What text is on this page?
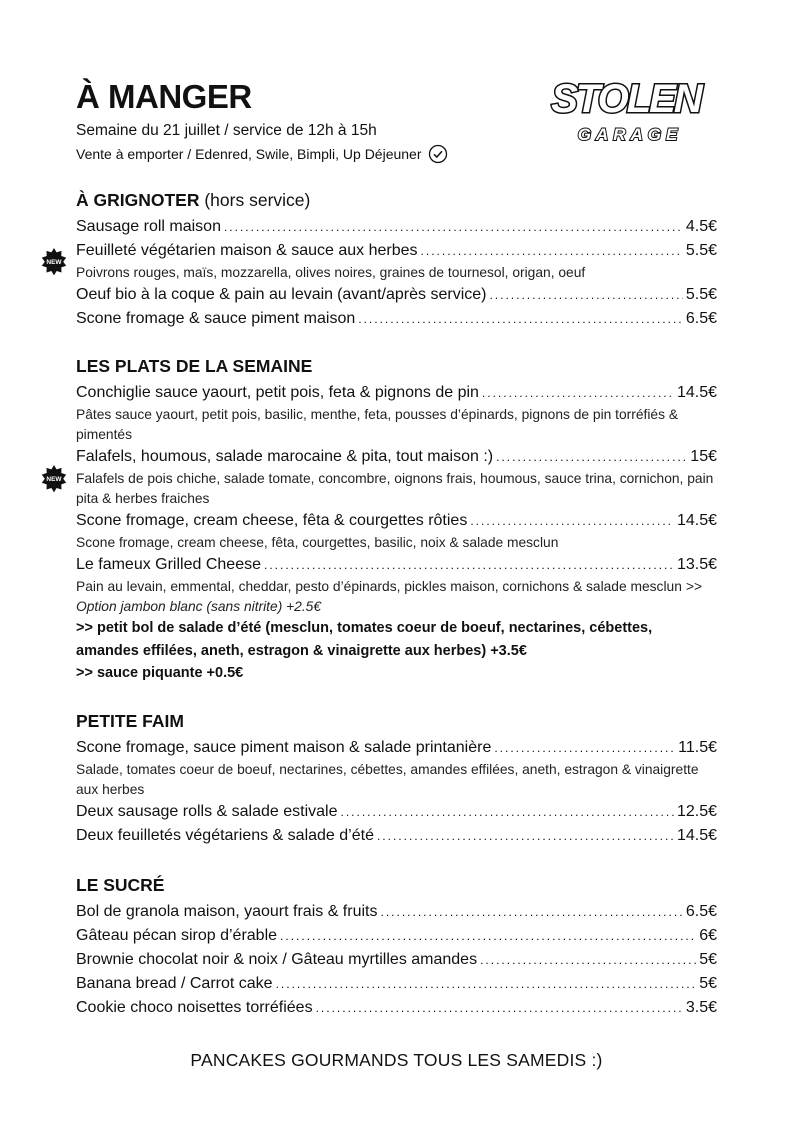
À MANGER
Semaine du 21 juillet / service de 12h à 15h
Vente à emporter / Edenred, Swile, Bimpli, Up Déjeuner
STOLEN
GARAGE
À GRIGNOTER (hors service)
Sausage roll maison .....	4.5€
Feuilleté végétarien maison & sauce aux herbes .....	5.5€
Poivrons rouges, maïs, mozzarella, olives noires, graines de tournesol, origan, oeuf
Oeuf bio à la coque & pain au levain (avant/après service) .....	5.5€
Scone fromage & sauce piment maison .....	6.5€
NEW
LES PLATS DE LA SEMAINE
Conchiglie sauce yaourt, petit pois, feta & pignons de pin .....	14.5€
Pâtes sauce yaourt, petit pois, basilic, menthe, feta, pousses d’épinards, pignons de pin torréfiés & pimentés
Falafels, houmous, salade marocaine & pita, tout maison :) .....	15€
Falafels de pois chiche, salade tomate, concombre, oignons frais, houmous, sauce trina, cornichon, pain pita & herbes fraiches
Scone fromage, cream cheese, fêta & courgettes rôties .....	14.5€
Scone fromage, cream cheese, fêta, courgettes, basilic, noix & salade mesclun
Le fameux Grilled Cheese .....	13.5€
Pain au levain, emmental, cheddar, pesto d’épinards, pickles maison, cornichons & salade mesclun >> Option jambon blanc (sans nitrite) +2.5€
>> petit bol de salade d’été (mesclun, tomates coeur de boeuf, nectarines, cébettes, amandes effilées, aneth, estragon & vinaigrette aux herbes) +3.5€
>> sauce piquante +0.5€
NEW
PETITE FAIM
Scone fromage, sauce piment maison & salade printanière .....	11.5€
Salade, tomates coeur de boeuf, nectarines, cébettes, amandes effilées, aneth, estragon & vinaigrette aux herbes
Deux sausage rolls & salade estivale .....	12.5€
Deux feuilletés végétariens & salade d’été .....	14.5€
LE SUCRÉ
Bol de granola maison, yaourt frais & fruits .....	6.5€
Gâteau pécan sirop d’érable .....	6€
Brownie chocolat noir & noix / Gâteau myrtilles amandes .....	5€
Banana bread / Carrot cake .....	5€
Cookie choco noisettes torréfiées .....	3.5€
PANCAKES GOURMANDS TOUS LES SAMEDIS :)
